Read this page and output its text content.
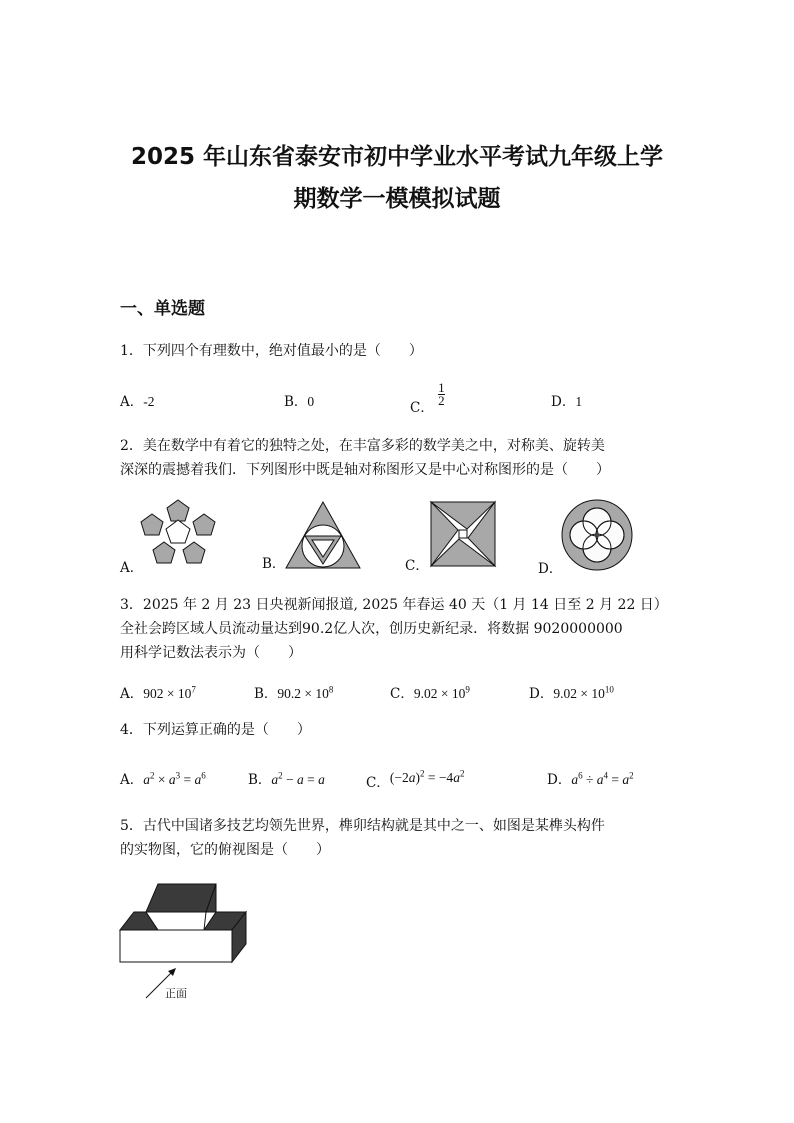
2025 年山东省泰安市初中学业水平考试九年级上学
期数学一模模拟试题
一、单选题
1．下列四个有理数中，绝对值最小的是（　　）
A．-2	B．0	C． $\frac{1}{2}$	D．1
2．美在数学中有着它的独特之处，在丰富多彩的数学美之中，对称美、旋转美
深深的震撼着我们．下列图形中既是轴对称图形又是中心对称图形的是（　　）
A．	B．	C．	D．
3．2025 年 2 月 23 日央视新闻报道, 2025 年春运 40 天（1 月 14 日至 2 月 22 日）
全社会跨区域人员流动量达到90.2亿人次，创历史新纪录．将数据 9020000000
用科学记数法表示为（　　）
A．$902 \times 10^7$	B．$90.2 \times 10^8$	C．$9.02 \times 10^9$	D．$9.02 \times 10^{10}$
4．下列运算正确的是（　　）
A．$a^2 \times a^3 = a^6$	B．$a^2 - a = a$	C．$(-2a)^2 = -4a^2$	D．$a^6 \div a^4 = a^2$
5．古代中国诸多技艺均领先世界，榫卯结构就是其中之一、如图是某榫头构件
的实物图，它的俯视图是（　　）
正面
